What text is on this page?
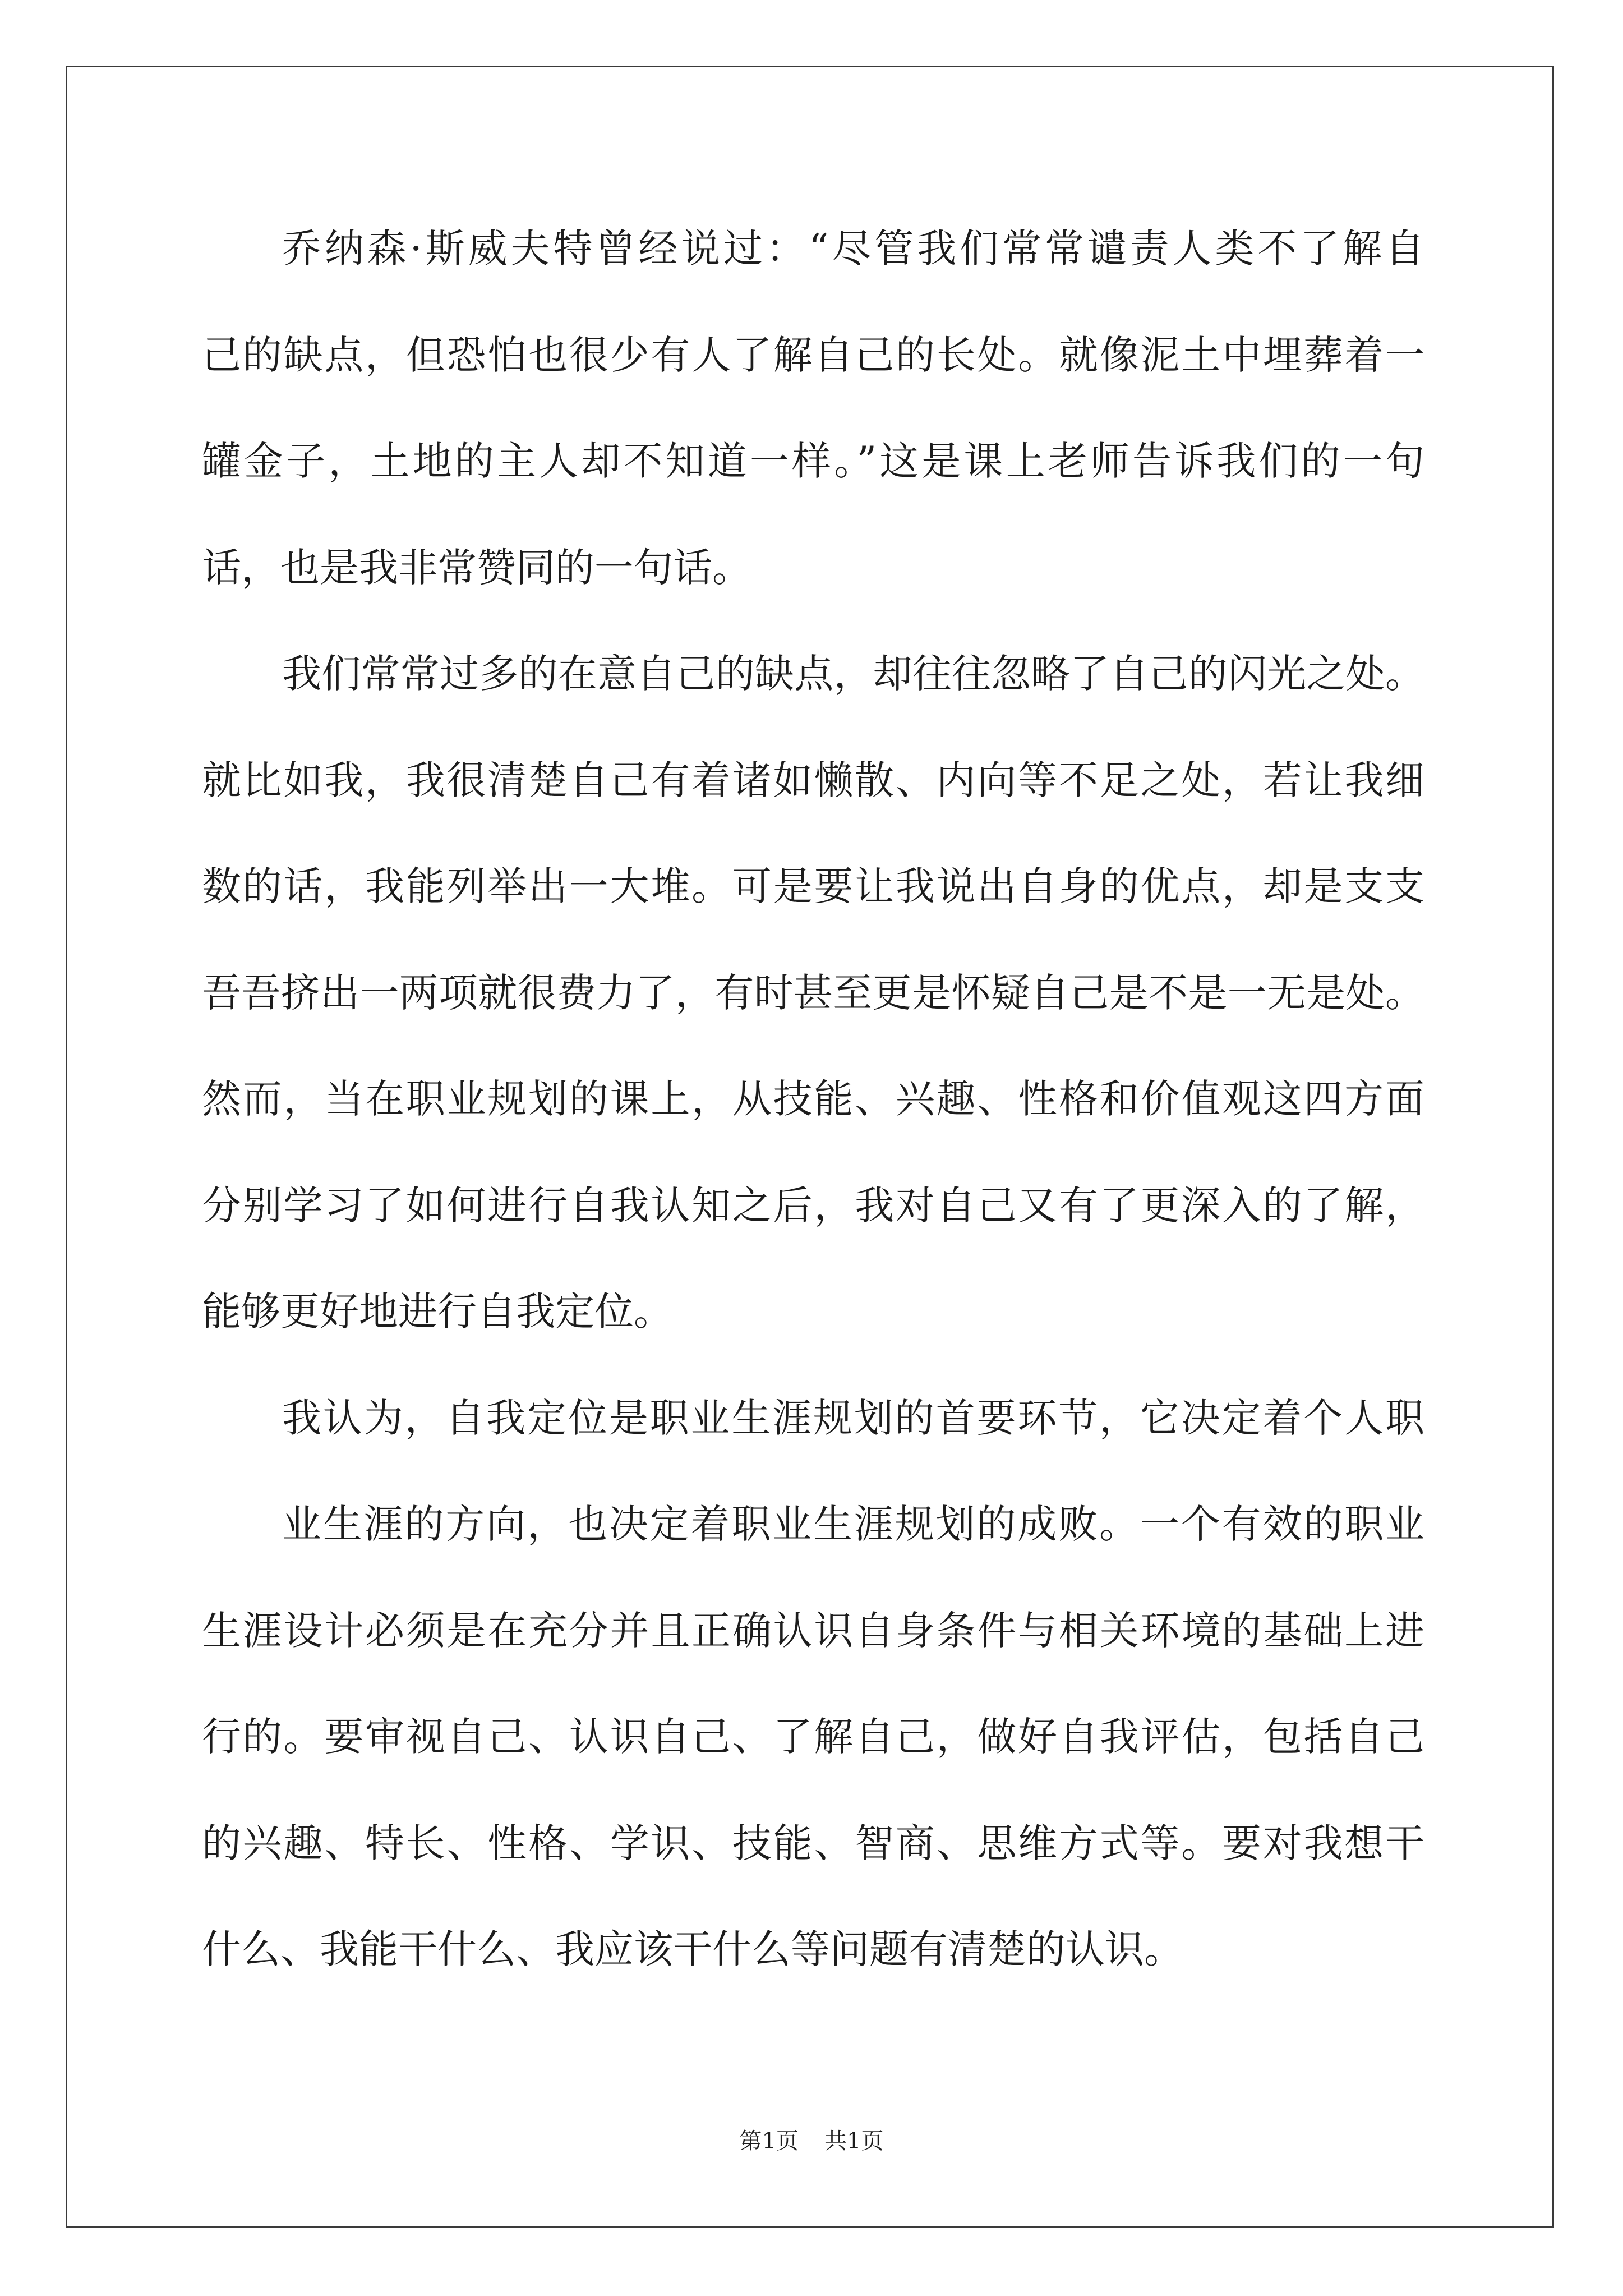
乔纳森·斯威夫特曾经说过：“尽管我们常常谴责人类不了解自
己的缺点，但恐怕也很少有人了解自己的长处。就像泥土中埋葬着一
罐金子，土地的主人却不知道一样。”这是课上老师告诉我们的一句
话，也是我非常赞同的一句话。
我们常常过多的在意自己的缺点，却往往忽略了自己的闪光之处。
就比如我，我很清楚自己有着诸如懒散、内向等不足之处，若让我细
数的话，我能列举出一大堆。可是要让我说出自身的优点，却是支支
吾吾挤出一两项就很费力了，有时甚至更是怀疑自己是不是一无是处。
然而，当在职业规划的课上，从技能、兴趣、性格和价值观这四方面
分别学习了如何进行自我认知之后，我对自己又有了更深入的了解，
能够更好地进行自我定位。
我认为，自我定位是职业生涯规划的首要环节，它决定着个人职
业生涯的方向，也决定着职业生涯规划的成败。一个有效的职业
生涯设计必须是在充分并且正确认识自身条件与相关环境的基础上进
行的。要审视自己、认识自己、了解自己，做好自我评估，包括自己
的兴趣、特长、性格、学识、技能、智商、思维方式等。要对我想干
什么、我能干什么、我应该干什么等问题有清楚的认识。
第1页 共1页
